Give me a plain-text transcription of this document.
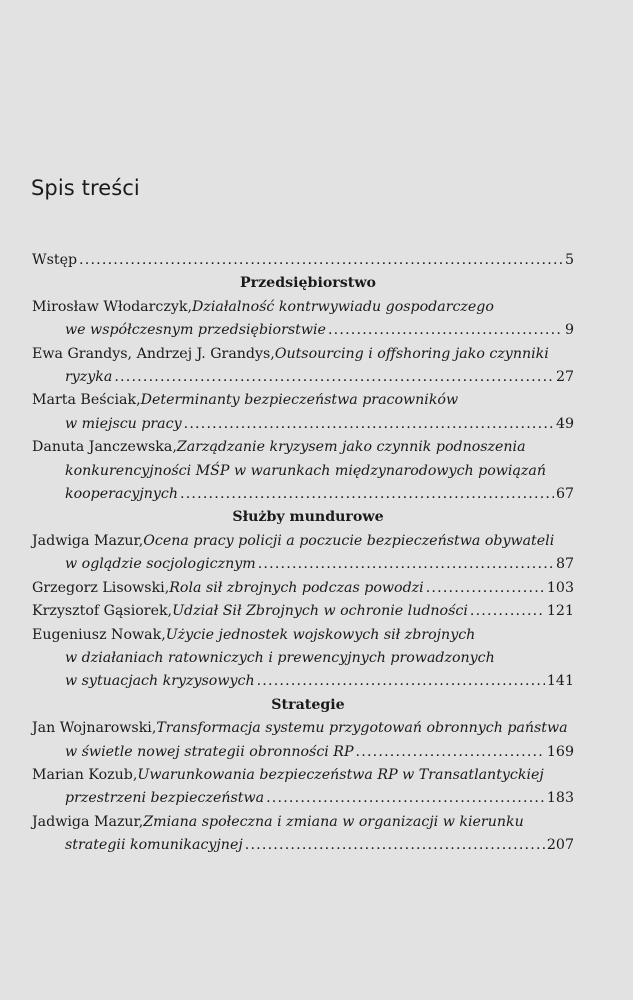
Spis treści
Wstęp .....	5
Przedsiębiorstwo
Mirosław Włodarczyk, Działalność kontrwywiadu gospodarczego
we współczesnym przedsiębiorstwie .....	9
Ewa Grandys, Andrzej J. Grandys, Outsourcing i offshoring jako czynniki
ryzyka .....	27
Marta Beściak, Determinanty bezpieczeństwa pracowników
w miejscu pracy .....	49
Danuta Janczewska, Zarządzanie kryzysem jako czynnik podnoszenia
konkurencyjności MŚP w warunkach międzynarodowych powiązań
kooperacyjnych .....	67
Służby mundurowe
Jadwiga Mazur, Ocena pracy policji a poczucie bezpieczeństwa obywateli
w oglądzie socjologicznym .....	87
Grzegorz Lisowski, Rola sił zbrojnych podczas powodzi .....	103
Krzysztof Gąsiorek, Udział Sił Zbrojnych w ochronie ludności .....	121
Eugeniusz Nowak, Użycie jednostek wojskowych sił zbrojnych
w działaniach ratowniczych i prewencyjnych prowadzonych
w sytuacjach kryzysowych .....	141
Strategie
Jan Wojnarowski, Transformacja systemu przygotowań obronnych państwa
w świetle nowej strategii obronności RP .....	169
Marian Kozub, Uwarunkowania bezpieczeństwa RP w Transatlantyckiej
przestrzeni bezpieczeństwa .....	183
Jadwiga Mazur, Zmiana społeczna i zmiana w organizacji w kierunku
strategii komunikacyjnej .....	207
